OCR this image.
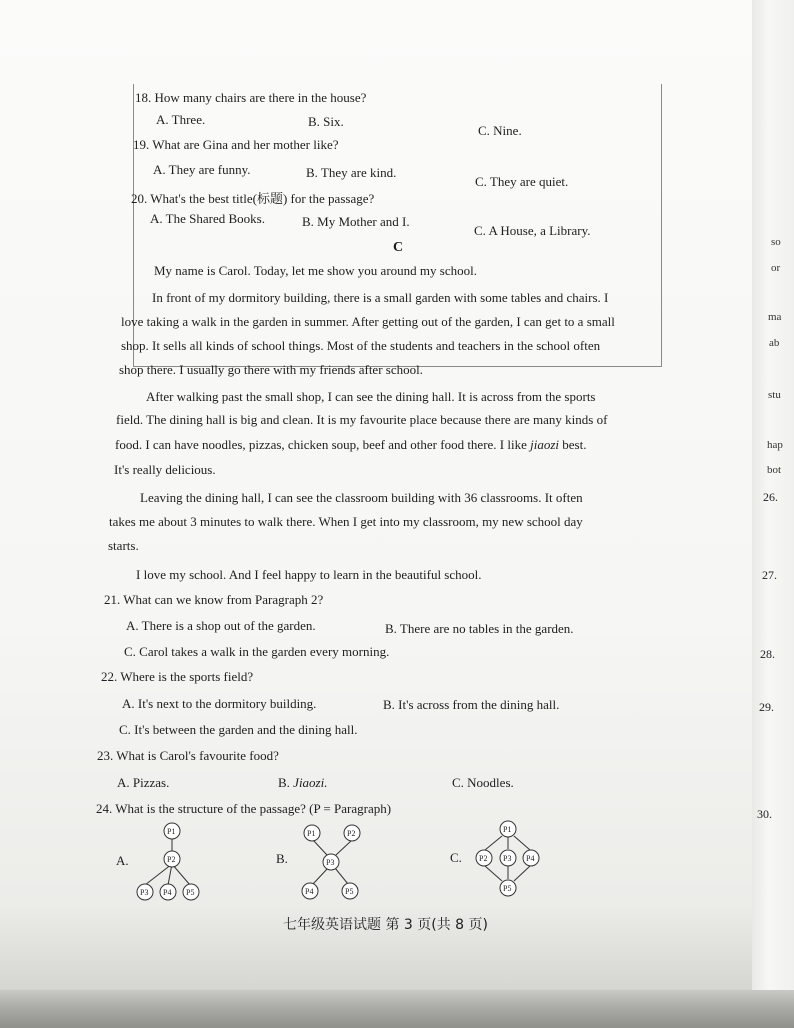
18. How many chairs are there in the house?
A. Three.	B. Six.
C. Nine.
19. What are Gina and her mother like?
A. They are funny.	B. They are kind.
C. They are quiet.
20. What's the best title(标题) for the passage?
A. The Shared Books.	B. My Mother and I.
C. A House, a Library.
C
My name is Carol. Today, let me show you around my school.
In front of my dormitory building, there is a small garden with some tables and chairs. I
love taking a walk in the garden in summer. After getting out of the garden, I can get to a small
shop. It sells all kinds of school things. Most of the students and teachers in the school often
shop there. I usually go there with my friends after school.
After walking past the small shop, I can see the dining hall. It is across from the sports
field. The dining hall is big and clean. It is my favourite place because there are many kinds of
food. I can have noodles, pizzas, chicken soup, beef and other food there. I like jiaozi best.
It's really delicious.
Leaving the dining hall, I can see the classroom building with 36 classrooms. It often
takes me about 3 minutes to walk there. When I get into my classroom, my new school day
starts.
I love my school. And I feel happy to learn in the beautiful school.
21. What can we know from Paragraph 2?
A. There is a shop out of the garden.	B. There are no tables in the garden.
C. Carol takes a walk in the garden every morning.
22. Where is the sports field?
A. It's next to the dormitory building.	B. It's across from the dining hall.
C. It's between the garden and the dining hall.
23. What is Carol's favourite food?
A. Pizzas.	B. Jiaozi.	C. Noodles.
24. What is the structure of the passage? (P = Paragraph)
A.	B.	C.
P1
P2
P3 P4 P5
P1	P2
P3
P4	P5
P1
P2 P3 P4
P5
七年级英语试题 第 3 页(共 8 页)
so
or
ma
ab
stu
hap
bot
26.
27.
28.
29.
30.
